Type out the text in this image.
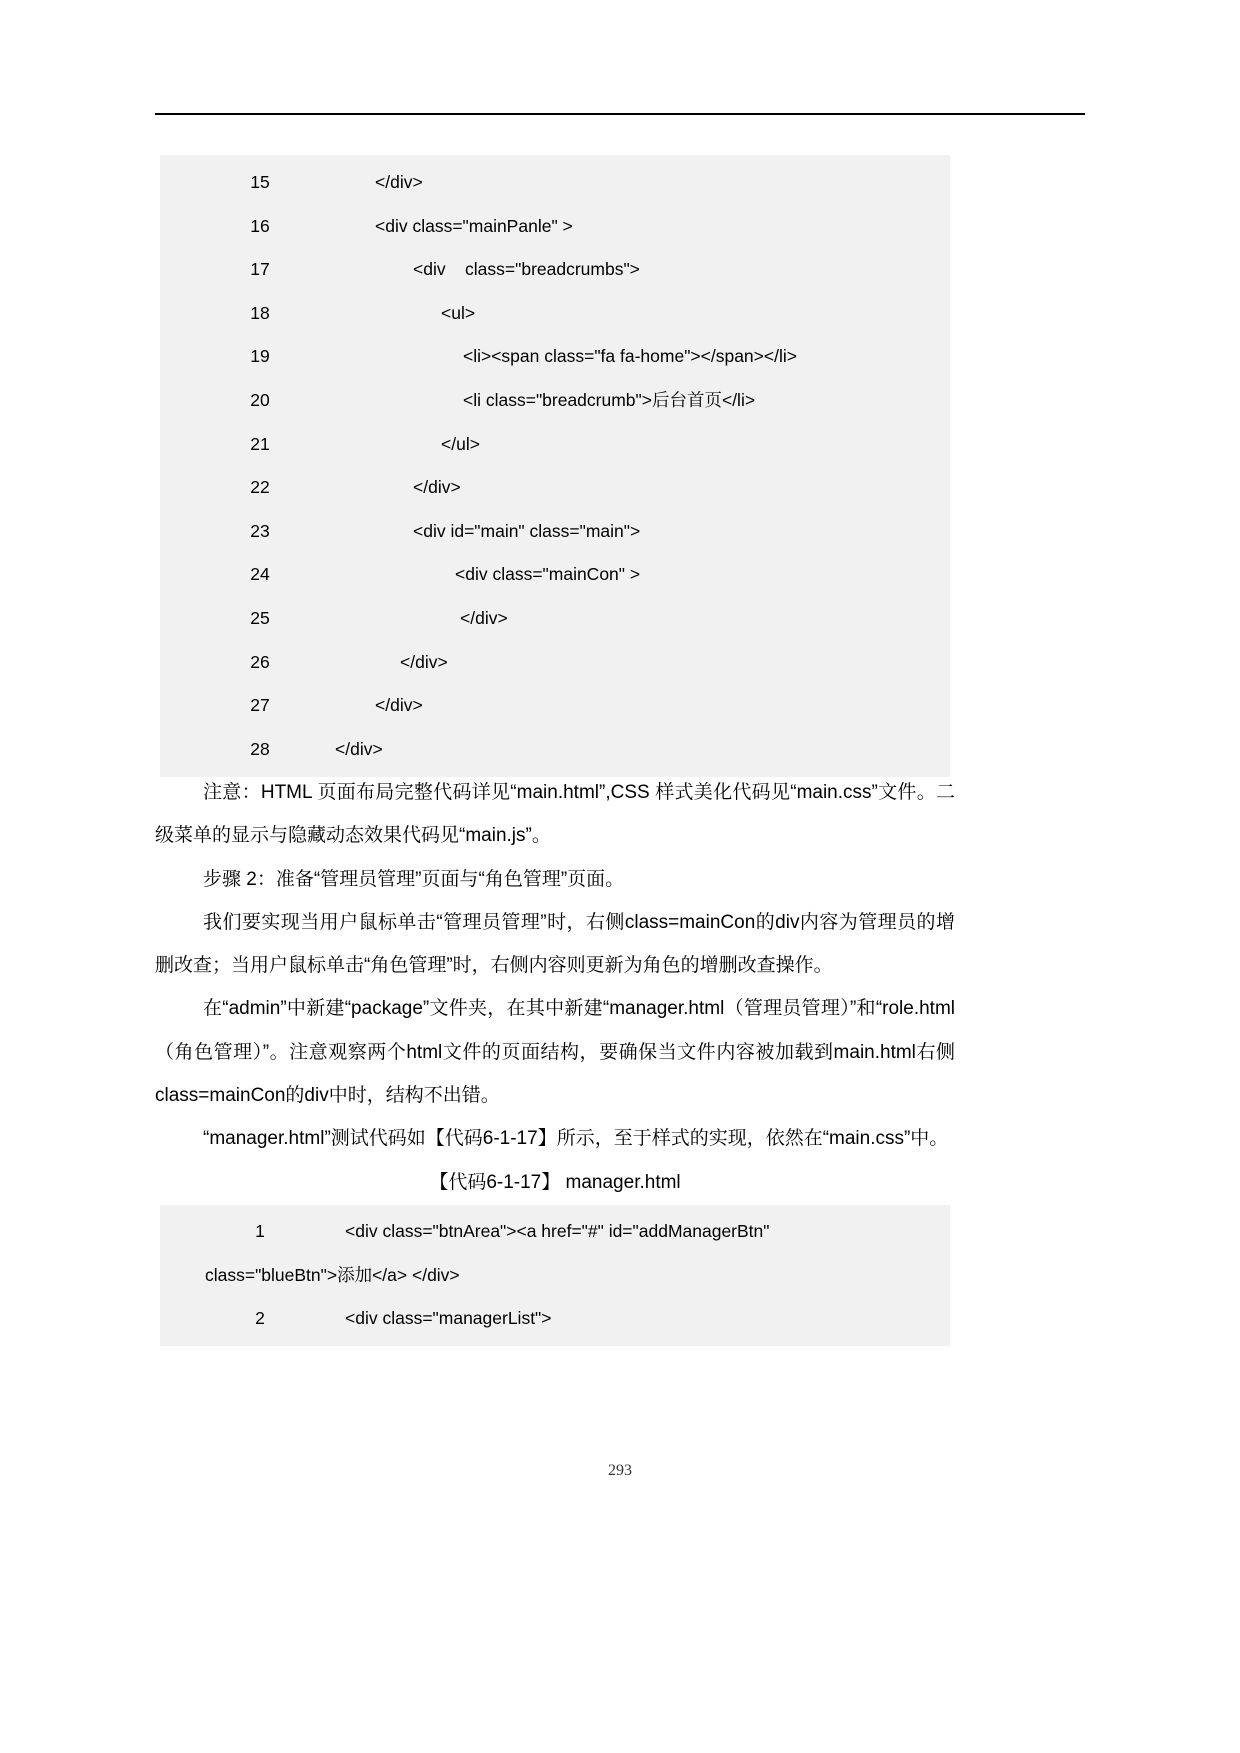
15	</div>
16	<div class="mainPanle" >
17	<div    class="breadcrumbs">
18	<ul>
19	<li><span class="fa fa-home"></span></li>
20	<li class="breadcrumb">后台首页</li>
21	</ul>
22	</div>
23	<div id="main" class="main">
24	<div class="mainCon" >
25	</div>
26	</div>
27	</div>
28	</div>

注意：HTML 页面布局完整代码详见“main.html”,CSS 样式美化代码见“main.css”文件。二级菜单的显示与隐藏动态效果代码见“main.js”。

步骤 2：准备“管理员管理”页面与“角色管理”页面。

我们要实现当用户鼠标单击“管理员管理”时，右侧class=mainCon的div内容为管理员的增删改查；当用户鼠标单击“角色管理”时，右侧内容则更新为角色的增删改查操作。

在“admin”中新建“package”文件夹，在其中新建“manager.html（管理员管理）”和“role.html（角色管理）”。注意观察两个html文件的页面结构，要确保当文件内容被加载到main.html右侧class=mainCon的div中时，结构不出错。

“manager.html”测试代码如【代码6-1-17】所示，至于样式的实现，依然在“main.css”中。

【代码6-1-17】 manager.html

1	<div class="btnArea"><a href="#" id="addManagerBtn"
class="blueBtn">添加</a> </div>
2	<div class="managerList">
293
